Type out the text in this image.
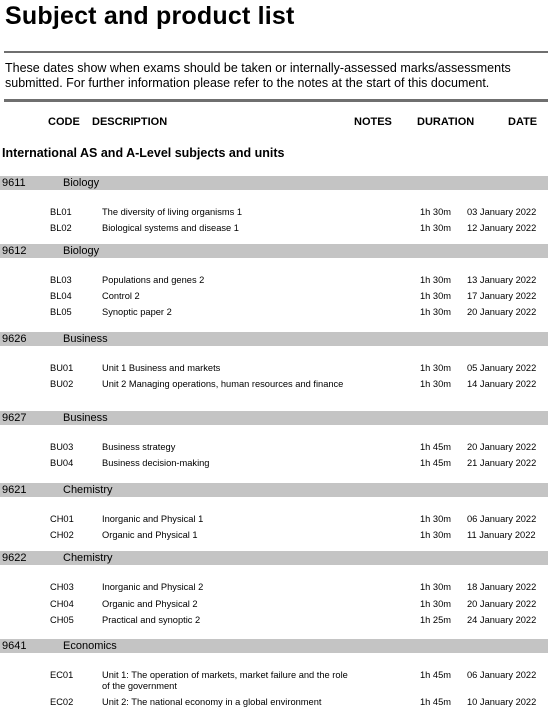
Subject and product list

These dates show when exams should be taken or internally-assessed marks/assessments submitted. For further information please refer to the notes at the start of this document.

CODE DESCRIPTION	NOTES DURATION	DATE
International AS and A-Level subjects and units
9611	Biology
BL01	The diversity of living organisms 1	1h 30m 03 January 2022
BL02	Biological systems and disease 1	1h 30m 12 January 2022
9612	Biology
BL03	Populations and genes 2	1h 30m 13 January 2022
BL04	Control 2	1h 30m 17 January 2022
BL05	Synoptic paper 2	1h 30m 20 January 2022
9626	Business
BU01	Unit 1 Business and markets	1h 30m 05 January 2022
BU02	Unit 2 Managing operations, human resources and finance	1h 30m 14 January 2022
9627	Business
BU03	Business strategy	1h 45m 20 January 2022
BU04	Business decision-making	1h 45m 21 January 2022
9621	Chemistry
CH01	Inorganic and Physical 1	1h 30m 06 January 2022
CH02	Organic and Physical 1	1h 30m 11 January 2022
9622	Chemistry
CH03	Inorganic and Physical 2	1h 30m 18 January 2022
CH04	Organic and Physical 2	1h 30m 20 January 2022
CH05	Practical and synoptic 2	1h 25m 24 January 2022
9641	Economics
EC01	Unit 1: The operation of markets, market failure and the role of the government
1h 45m 06 January 2022
EC02	Unit 2: The national economy in a global environment	1h 45m 10 January 2022
